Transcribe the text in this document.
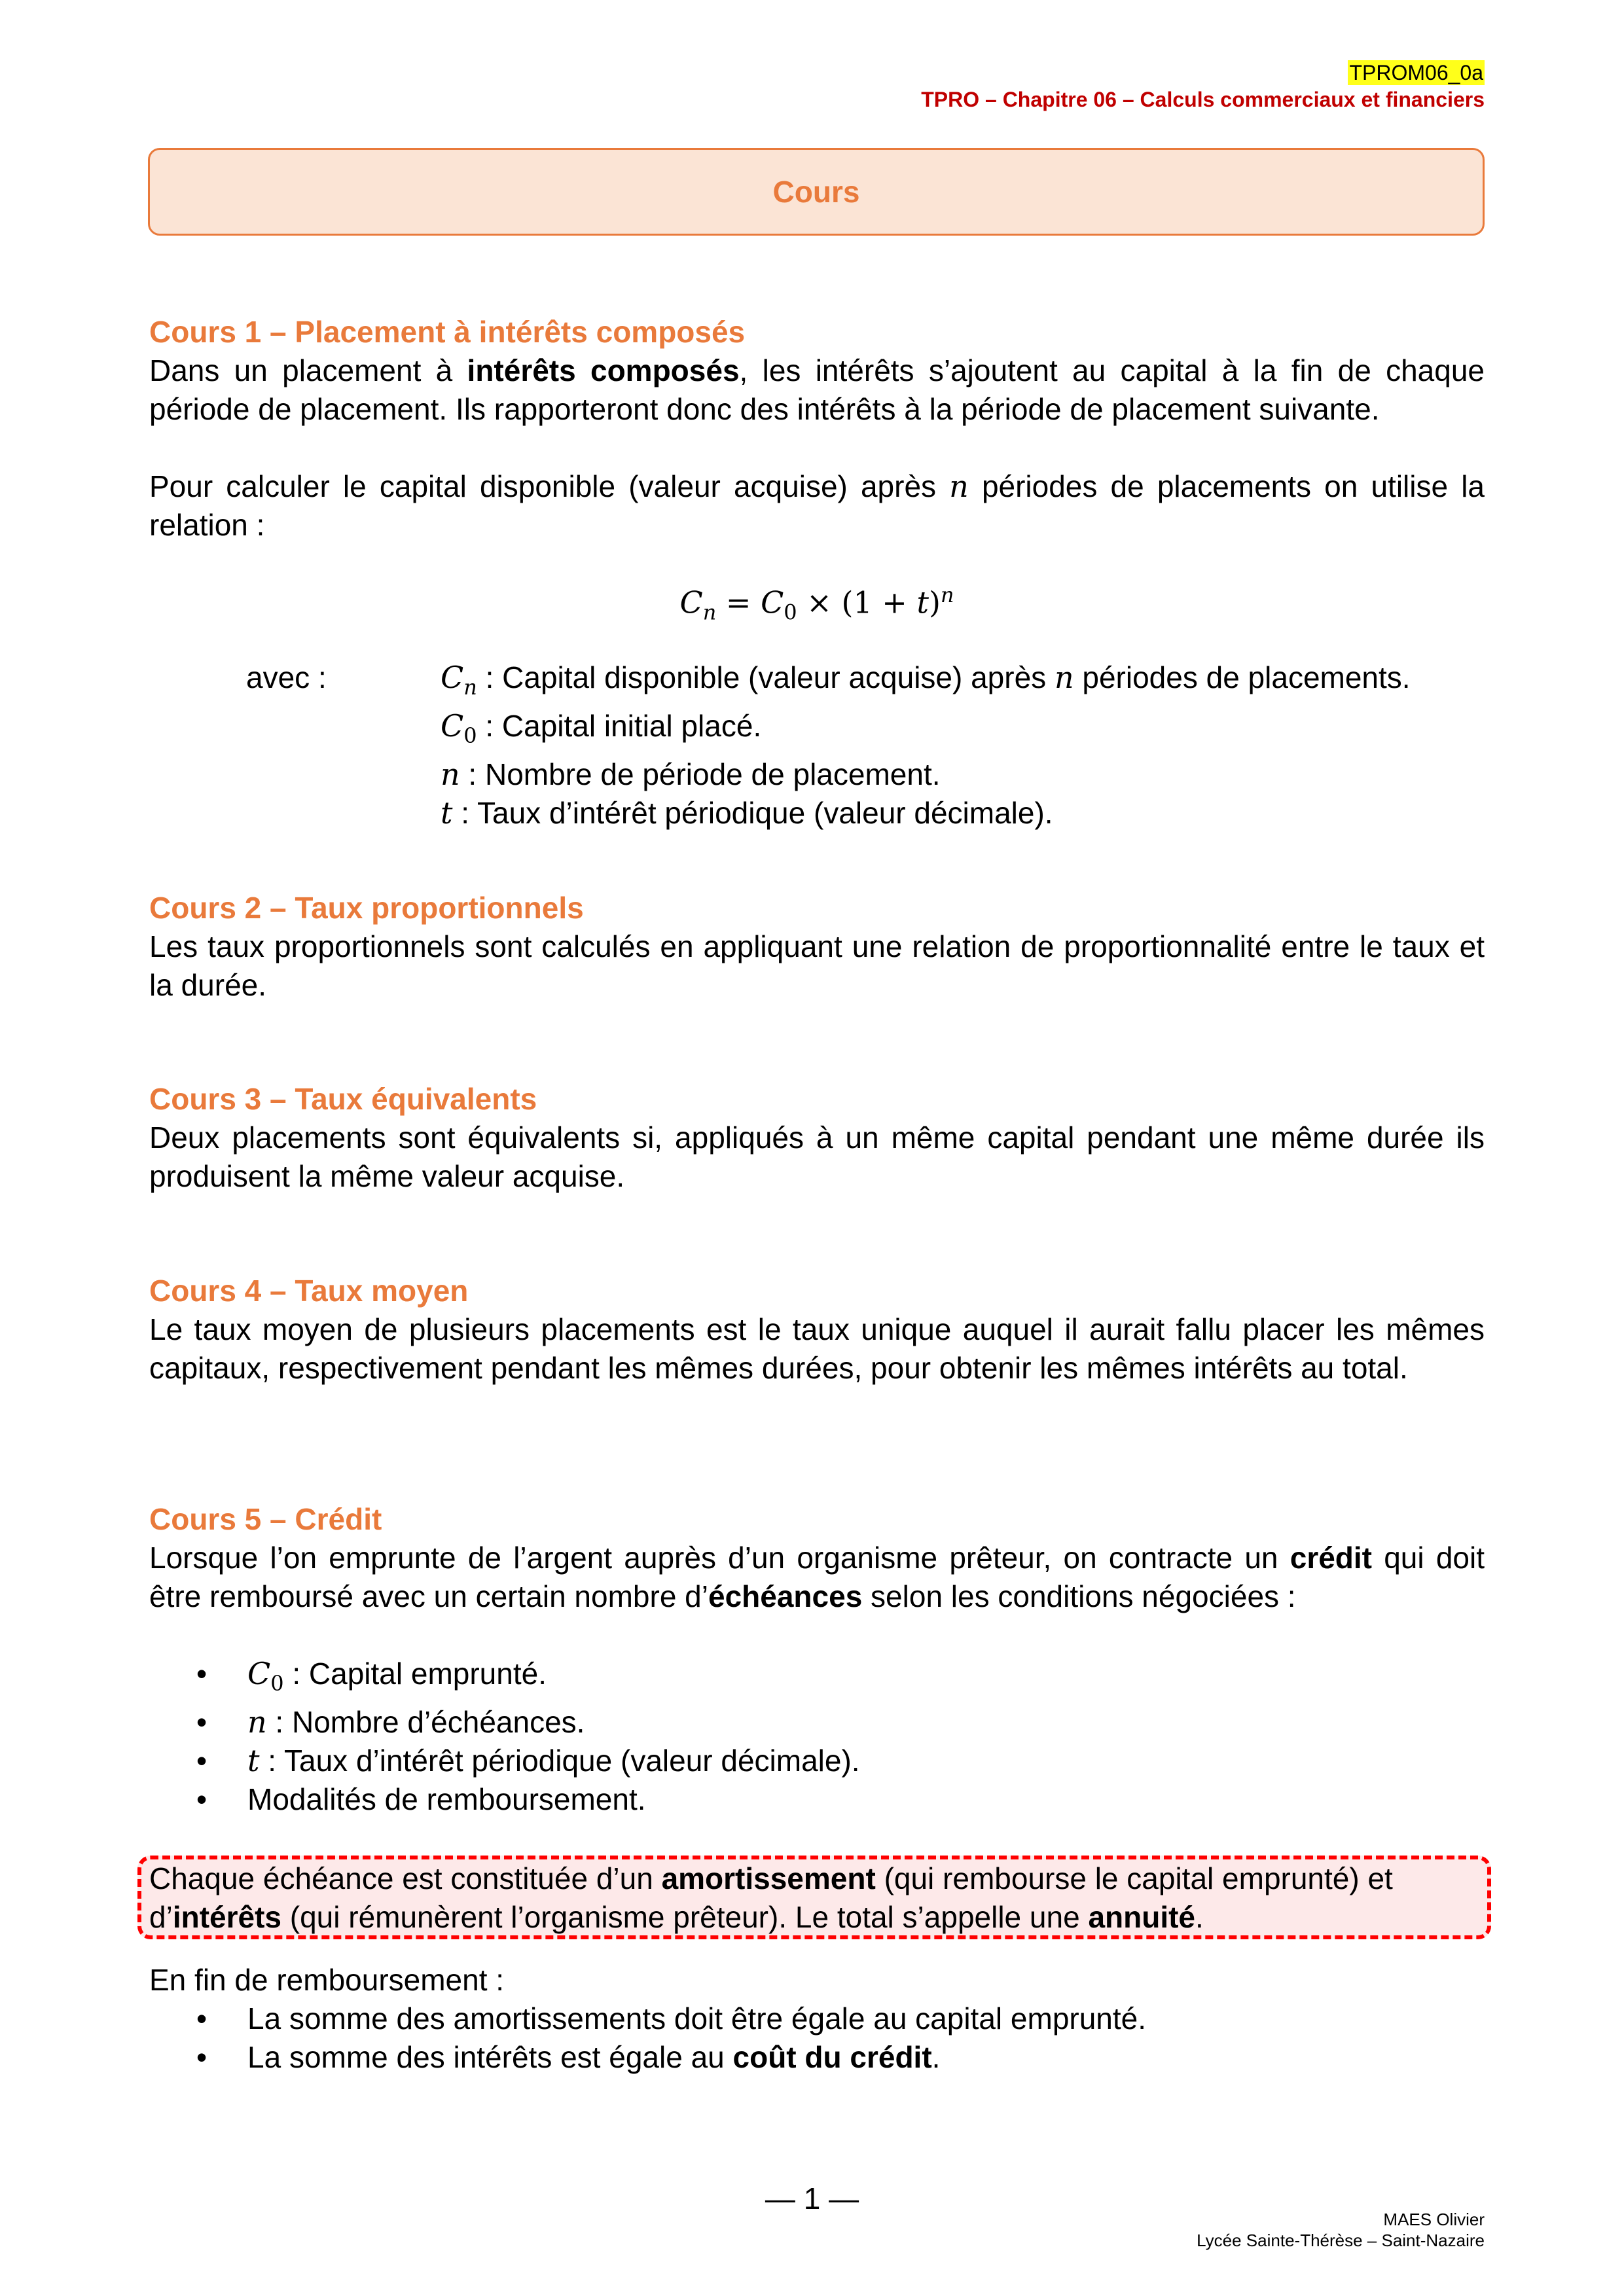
TPROM06_0a
TPRO – Chapitre 06 – Calculs commerciaux et financiers
Cours
Cours 1 – Placement à intérêts composés

Dans un placement à intérêts composés, les intérêts s’ajoutent au capital à la fin de chaque période de placement. Ils rapporteront donc des intérêts à la période de placement suivante.

Pour calculer le capital disponible (valeur acquise) après n périodes de placements on utilise la relation :

$C_n = C_0 \times (1 + t)^n$
avec :	$C_n$ : Capital disponible (valeur acquise) après n périodes de placements.
$C_0$ : Capital initial placé.
n : Nombre de période de placement.
t : Taux d’intérêt périodique (valeur décimale).
Cours 2 – Taux proportionnels

Les taux proportionnels sont calculés en appliquant une relation de proportionnalité entre le taux et la durée.

Cours 3 – Taux équivalents

Deux placements sont équivalents si, appliqués à un même capital pendant une même durée ils produisent la même valeur acquise.

Cours 4 – Taux moyen

Le taux moyen de plusieurs placements est le taux unique auquel il aurait fallu placer les mêmes capitaux, respectivement pendant les mêmes durées, pour obtenir les mêmes intérêts au total.

Cours 5 – Crédit

Lorsque l’on emprunte de l’argent auprès d’un organisme prêteur, on contracte un crédit qui doit être remboursé avec un certain nombre d’échéances selon les conditions négociées :

• $C_0$ : Capital emprunté.
• n : Nombre d’échéances.
• t : Taux d’intérêt périodique (valeur décimale).
• Modalités de remboursement.
Chaque échéance est constituée d’un amortissement (qui rembourse le capital emprunté) et d’intérêts (qui rémunèrent l’organisme prêteur). Le total s’appelle une annuité.
En fin de remboursement :
• La somme des amortissements doit être égale au capital emprunté.
• La somme des intérêts est égale au coût du crédit.
— 1 —
MAES Olivier
Lycée Sainte-Thérèse – Saint-Nazaire
